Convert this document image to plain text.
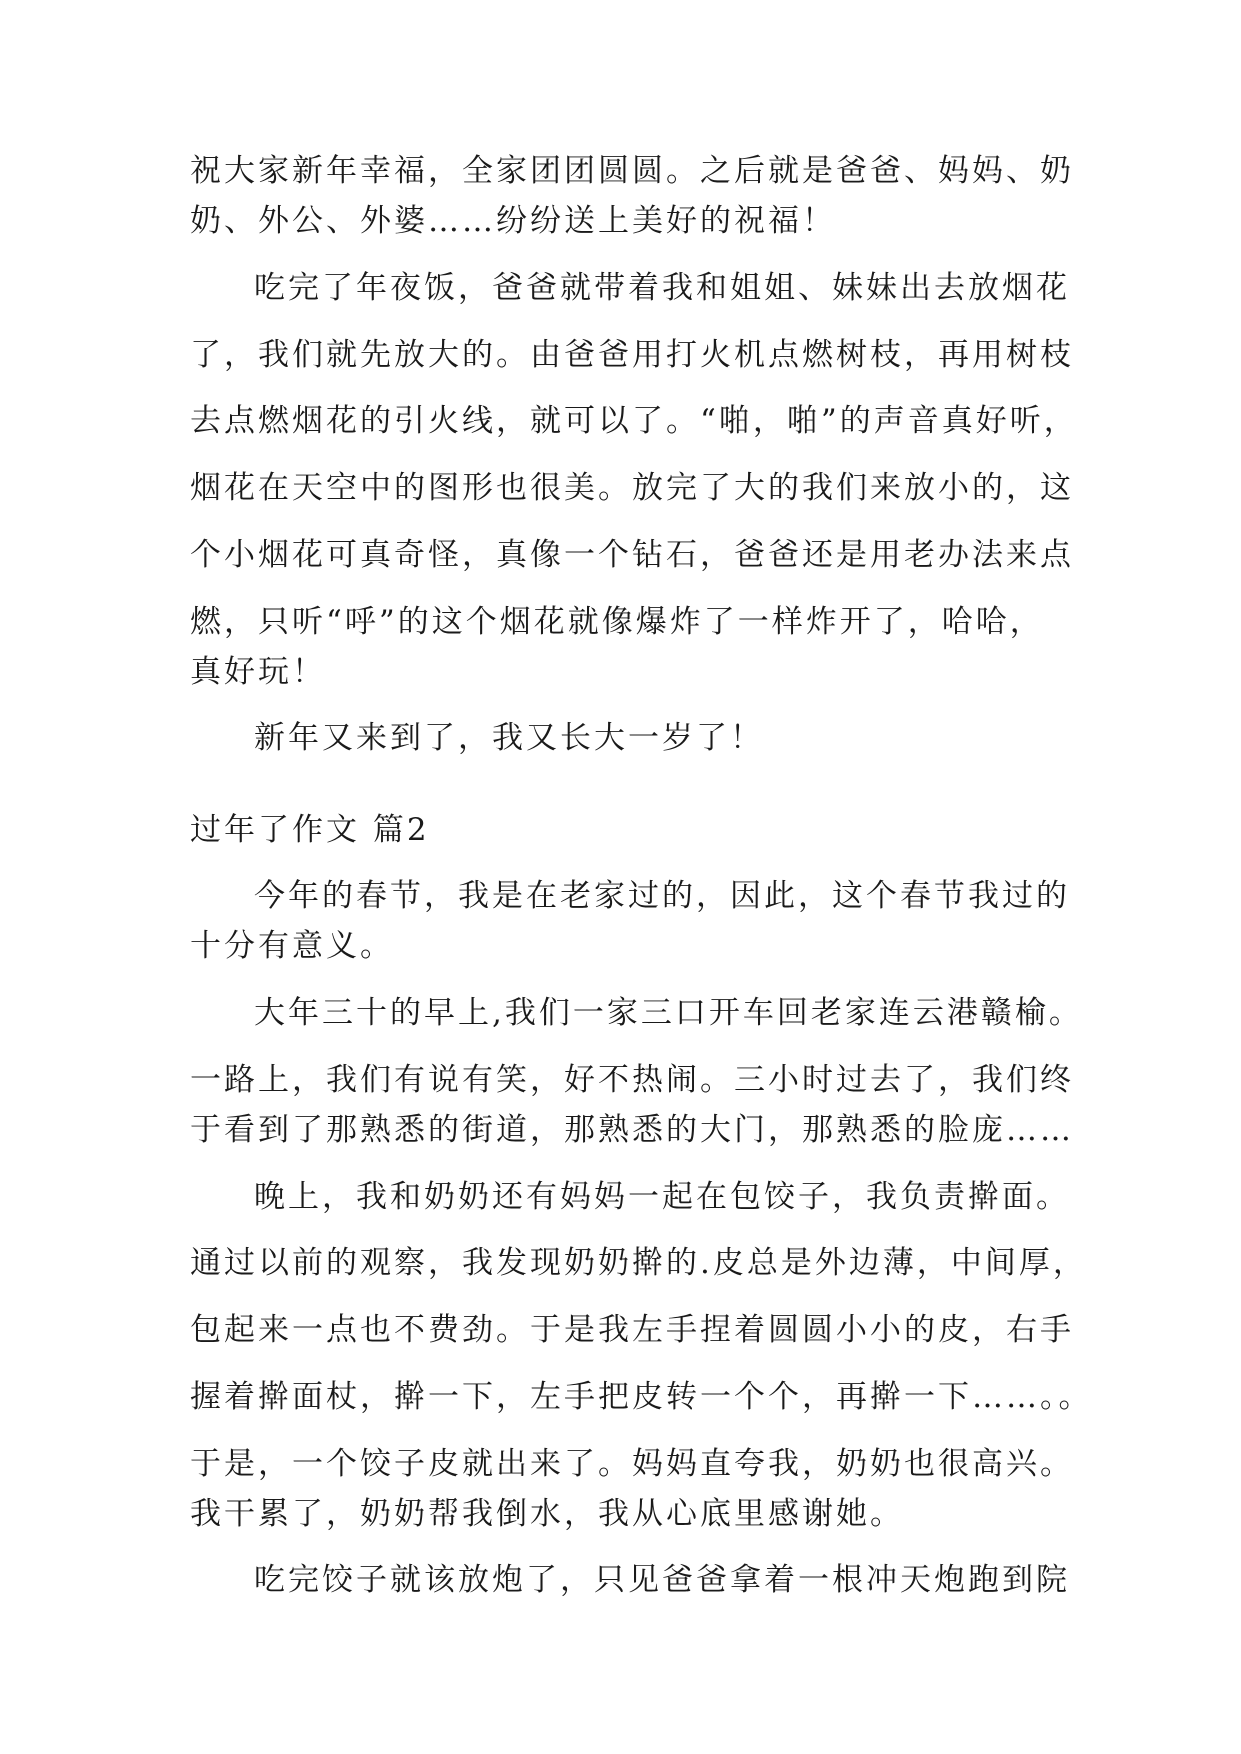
祝大家新年幸福，全家团团圆圆。之后就是爸爸、妈妈、奶
奶、外公、外婆……纷纷送上美好的祝福！
吃完了年夜饭，爸爸就带着我和姐姐、妹妹出去放烟花
了，我们就先放大的。由爸爸用打火机点燃树枝，再用树枝
去点燃烟花的引火线，就可以了。“啪，啪”的声音真好听，
烟花在天空中的图形也很美。放完了大的我们来放小的，这
个小烟花可真奇怪，真像一个钻石，爸爸还是用老办法来点
燃，只听“呼”的这个烟花就像爆炸了一样炸开了，哈哈，
真好玩！
新年又来到了，我又长大一岁了！
过年了作文 篇2
今年的春节，我是在老家过的，因此，这个春节我过的
十分有意义。
大年三十的早上,我们一家三口开车回老家连云港赣榆。
一路上，我们有说有笑，好不热闹。三小时过去了，我们终
于看到了那熟悉的街道，那熟悉的大门，那熟悉的脸庞……
晚上，我和奶奶还有妈妈一起在包饺子，我负责擀面。
通过以前的观察，我发现奶奶擀的.皮总是外边薄，中间厚，
包起来一点也不费劲。于是我左手捏着圆圆小小的皮，右手
握着擀面杖，擀一下，左手把皮转一个个，再擀一下……。。
于是，一个饺子皮就出来了。妈妈直夸我，奶奶也很高兴。
我干累了，奶奶帮我倒水，我从心底里感谢她。
吃完饺子就该放炮了，只见爸爸拿着一根冲天炮跑到院
